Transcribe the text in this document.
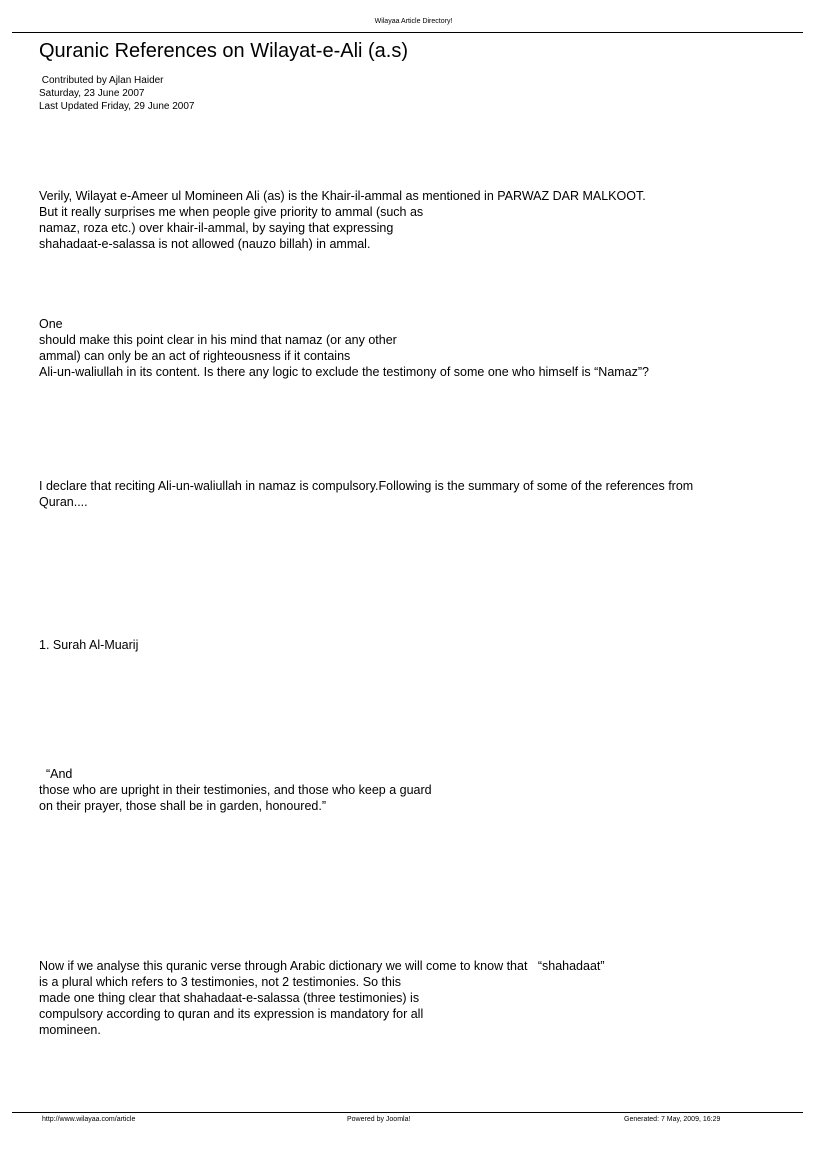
Wilayaa Article Directory!
Quranic References on Wilayat-e-Ali (a.s)
Contributed by Ajlan Haider
Saturday, 23 June 2007
Last Updated Friday, 29 June 2007
Verily, Wilayat e-Ameer ul Momineen Ali (as) is the Khair-il-ammal as mentioned in PARWAZ DAR MALKOOT.
But it really surprises me when people give priority to ammal (such as
namaz, roza etc.) over khair-il-ammal, by saying that expressing
shahadaat-e-salassa is not allowed (nauzo billah) in ammal.
One
should make this point clear in his mind that namaz (or any other
ammal) can only be an act of righteousness if it contains
Ali-un-waliullah in its content. Is there any logic to exclude the testimony of some one who himself is “Namaz”?
I declare that reciting Ali-un-waliullah in namaz is compulsory.Following is the summary of some of the references from
Quran....
1. Surah Al-Muarij
“And
those who are upright in their testimonies, and those who keep a guard
on their prayer, those shall be in garden, honoured.”
Now if we analyse this quranic verse through Arabic dictionary we will come to know that   “shahadaat”
is a plural which refers to 3 testimonies, not 2 testimonies. So this
made one thing clear that shahadaat-e-salassa (three testimonies) is
compulsory according to quran and its expression is mandatory for all
momineen.
http://www.wilayaa.com/article	Powered by Joomla!	Generated: 7 May, 2009, 16:29
